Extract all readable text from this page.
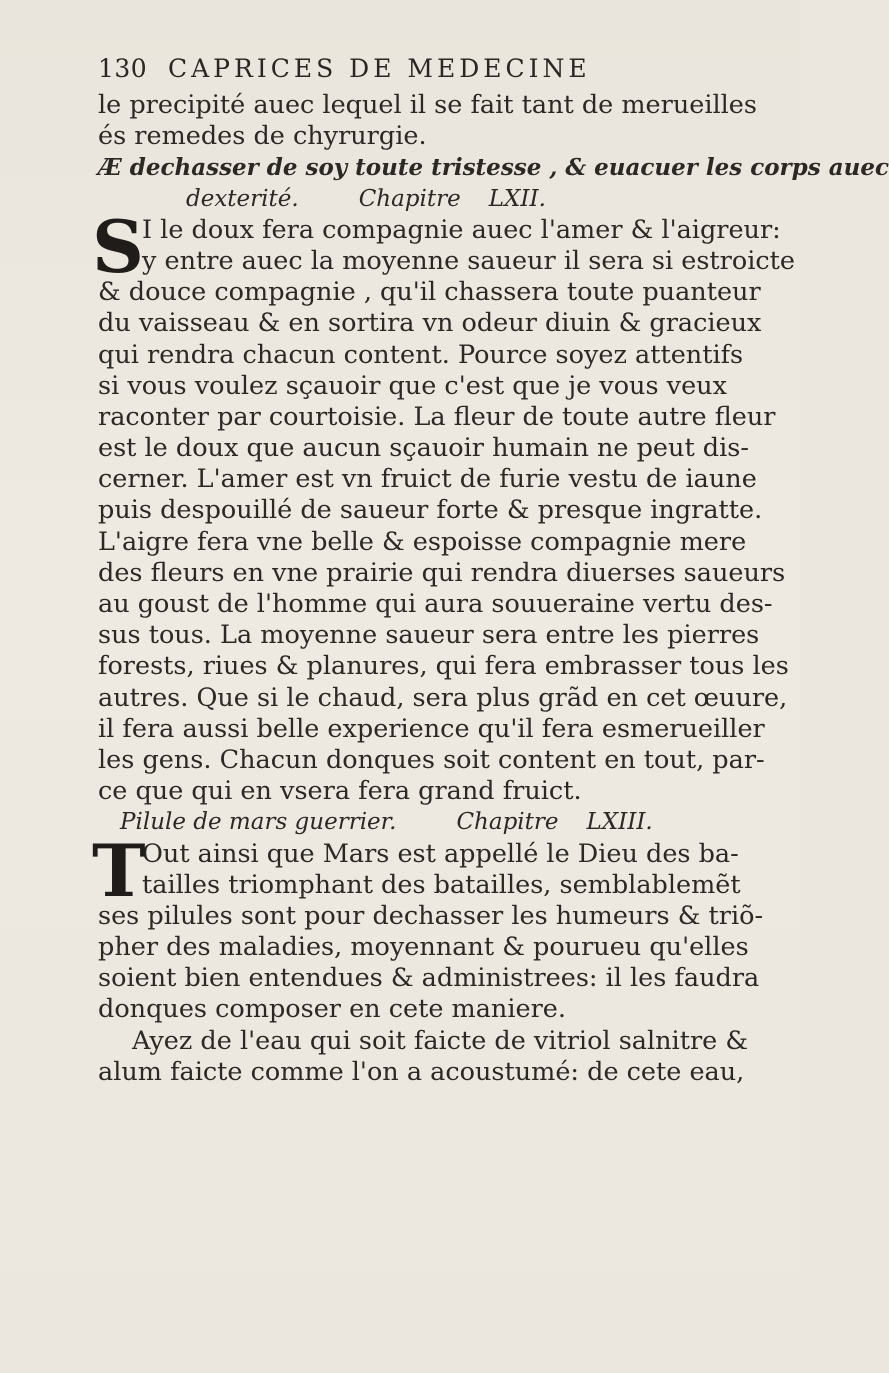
130 CAPRICES DE MEDECINE
le precipité auec lequel il se fait tant de merueilles
és remedes de chyrurgie.
Æ dechasser de soy toute tristesse , & euacuer les corps auec
dexterité.	Chapitre LXII.
S
I le doux fera compagnie auec l'amer & l'aigreur:
y entre auec la moyenne saueur il sera si estroicte
& douce compagnie , qu'il chassera toute puanteur
du vaisseau & en sortira vn odeur diuin & gracieux
qui rendra chacun content. Pource soyez attentifs
si vous voulez sçauoir que c'est que je vous veux
raconter par courtoisie. La fleur de toute autre fleur
est le doux que aucun sçauoir humain ne peut dis-
cerner. L'amer est vn fruict de furie vestu de iaune
puis despouillé de saueur forte & presque ingratte.
L'aigre fera vne belle & espoisse compagnie mere
des fleurs en vne prairie qui rendra diuerses saueurs
au goust de l'homme qui aura souueraine vertu des-
sus tous. La moyenne saueur sera entre les pierres
forests, riues & planures, qui fera embrasser tous les
autres. Que si le chaud, sera plus grãd en cet œuure,
il fera aussi belle experience qu'il fera esmerueiller
les gens. Chacun donques soit content en tout, par-
ce que qui en vsera fera grand fruict.
Pilule de mars guerrier.	Chapitre LXIII.
T
Out ainsi que Mars est appellé le Dieu des ba-
tailles triomphant des batailles, semblablemẽt
ses pilules sont pour dechasser les humeurs & triõ-
pher des maladies, moyennant & pourueu qu'elles
soient bien entendues & administrees: il les faudra
donques composer en cete maniere.
Ayez de l'eau qui soit faicte de vitriol salnitre &
alum faicte comme l'on a acoustumé: de cete eau,
